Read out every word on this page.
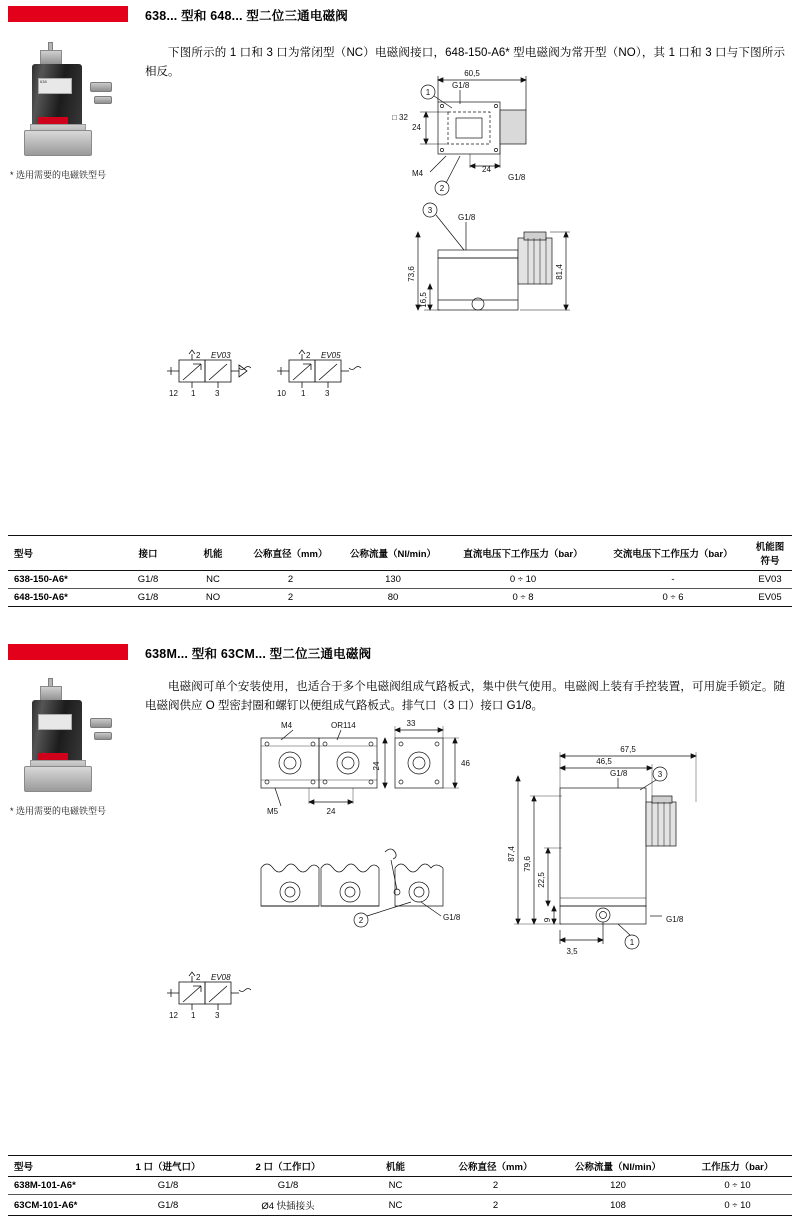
638... 型和 648... 型二位三通电磁阀
下图所示的 1 口和 3 口为常闭型（NC）电磁阀接口，648-150-A6* 型电磁阀为常开型（NO），其 1 口和 3 口与下图所示相反。
638
* 选用需要的电磁铁型号
60,5
□ 32
24
24
G1/8
G1/8
M4
1
2
3
G1/8
73,6
16,5
81,4
2 EV03
12 1 3
2 EV05
10 1 3
型号	接口	机能	公称直径（mm）	公称流量（Nl/min）	直流电压下工作压力（bar）	交流电压下工作压力（bar）	机能图符号
638-150-A6*	G1/8	NC	2	130	0 ÷ 10	-	EV03
648-150-A6*	G1/8	NO	2	80	0 ÷ 8	0 ÷ 6	EV05
638M... 型和 63CM... 型二位三通电磁阀
电磁阀可单个安装使用，也适合于多个电磁阀组成气路板式，集中供气使用。电磁阀上装有手控装置，可用旋手锁定。随电磁阀供应 O 型密封圈和螺钉以便组成气路板式。排气口（3 口）接口 G1/8。
* 选用需要的电磁铁型号
M4	OR114	33
24	46
24
M5
2	G1/8
67,5
46,5
87,4
79,6
22,5
9
3,5
G1/8
G1/8
3
1
2 EV08
12 1 3
型号	1 口（进气口）	2 口（工作口）	机能	公称直径（mm）	公称流量（Nl/min）	工作压力（bar）
638M-101-A6*	G1/8	G1/8	NC	2	120	0 ÷ 10
63CM-101-A6*	G1/8	Ø4 快插接头	NC	2	108	0 ÷ 10
